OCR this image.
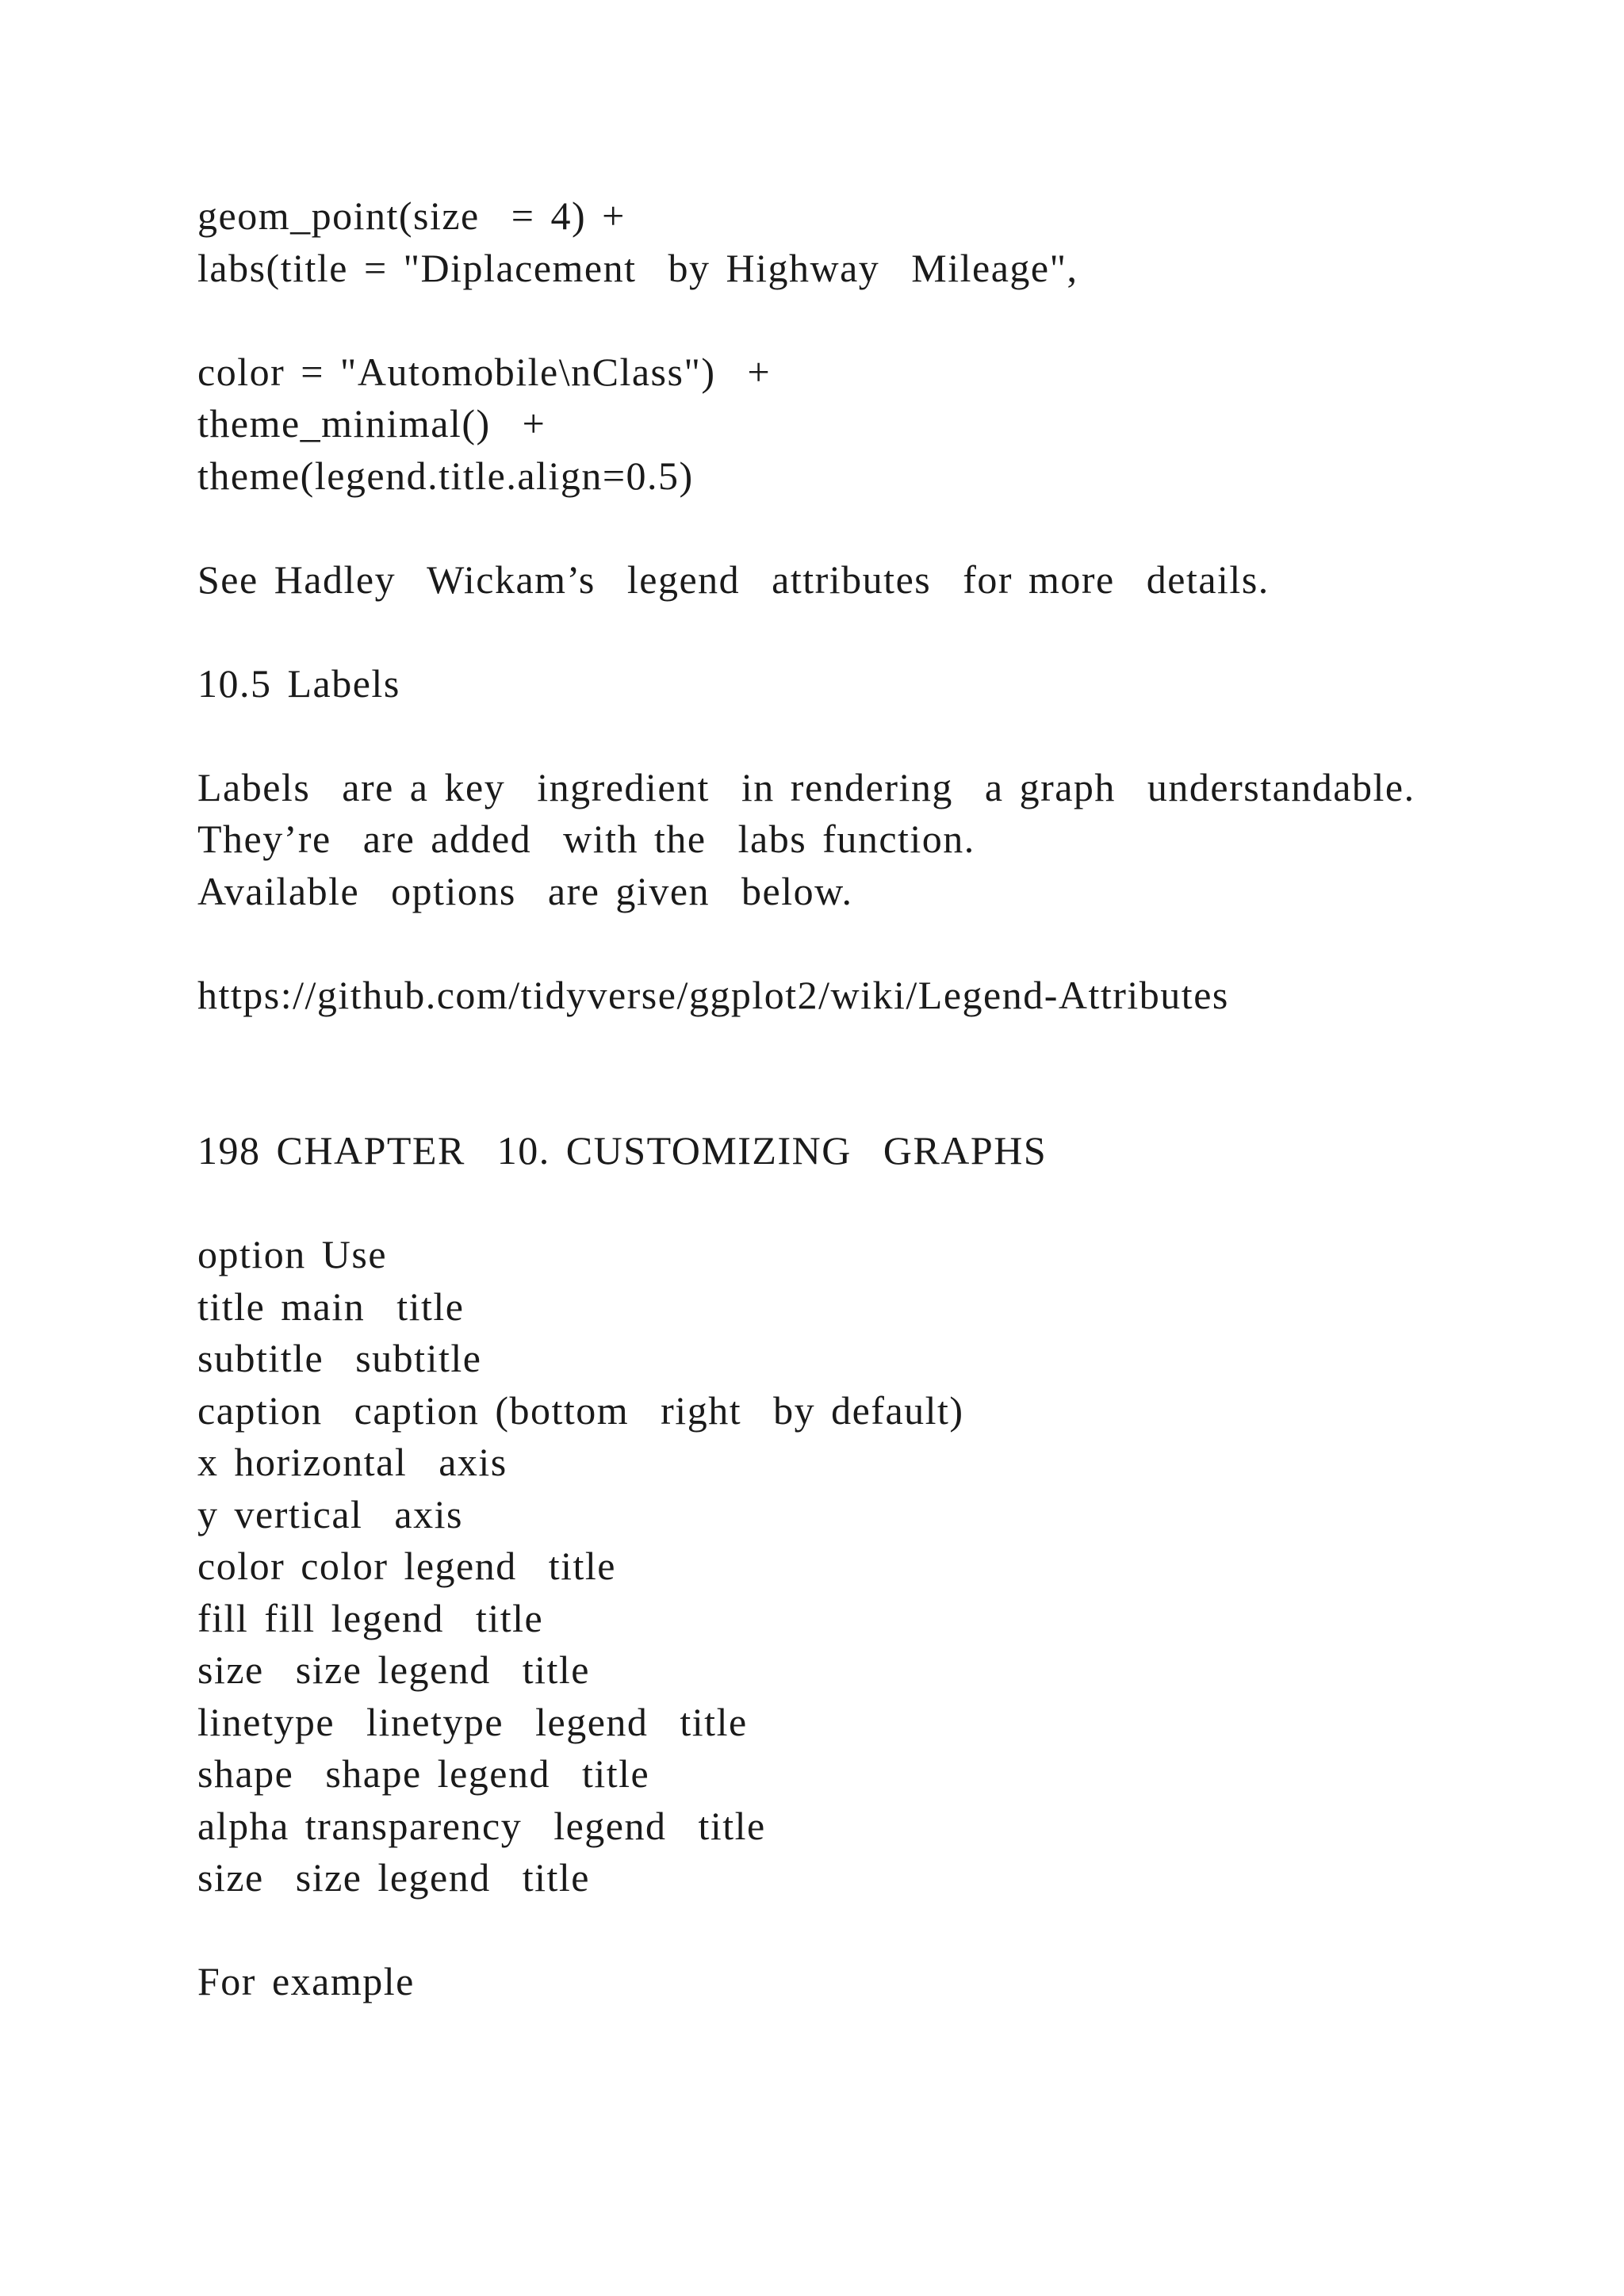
geom_point(size  = 4) +
labs(title = "Diplacement  by Highway  Mileage",
color = "Automobile\nClass")  +
theme_minimal()  +
theme(legend.title.align=0.5)
See Hadley  Wickam’s  legend  attributes  for more  details.
10.5 Labels
Labels  are a key  ingredient  in rendering  a graph  understandable.
They’re  are added  with the  labs function.
Available  options  are given  below.
https://github.com/tidyverse/ggplot2/wiki/Legend-Attributes
198 CHAPTER  10. CUSTOMIZING  GRAPHS
option Use
title main  title
subtitle  subtitle
caption  caption (bottom  right  by default)
x horizontal  axis
y vertical  axis
color color legend  title
fill fill legend  title
size  size legend  title
linetype  linetype  legend  title
shape  shape legend  title
alpha transparency  legend  title
size  size legend  title
For example
